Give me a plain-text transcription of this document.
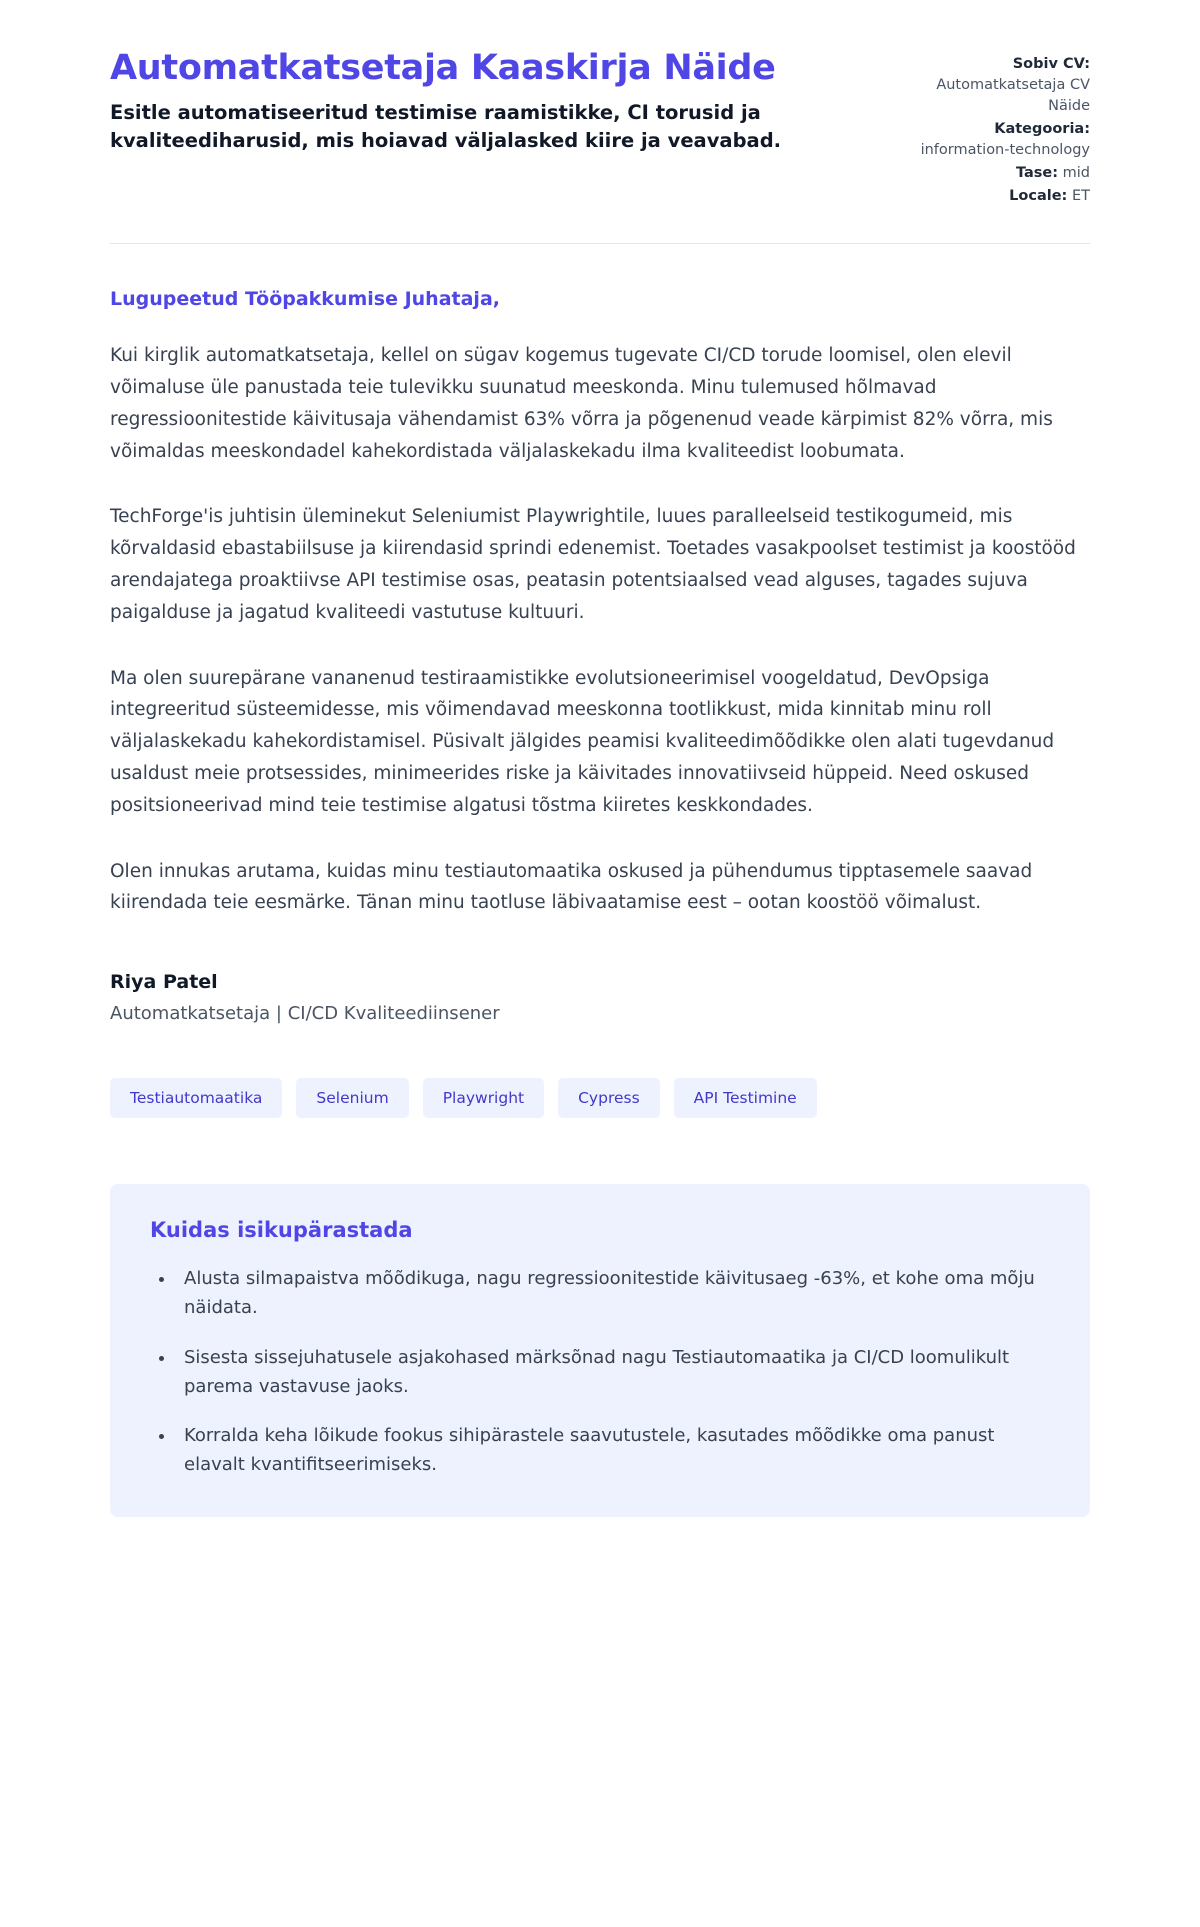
Automatkatsetaja Kaaskirja Näide

Esitle automatiseeritud testimise raamistikke, CI torusid ja kvaliteediharusid, mis hoiavad väljalasked kiire ja veavabad.

Sobiv CV:
Automatkatsetaja CV Näide
Kategooria:
information-technology
Tase: mid
Locale: ET

Lugupeetud Tööpakkumise Juhataja,

Kui kirglik automatkatsetaja, kellel on sügav kogemus tugevate CI/CD torude loomisel, olen elevil võimaluse üle panustada teie tulevikku suunatud meeskonda. Minu tulemused hõlmavad regressioonitestide käivitusaja vähendamist 63% võrra ja põgenenud veade kärpimist 82% võrra, mis võimaldas meeskondadel kahekordistada väljalaskekadu ilma kvaliteedist loobumata.

TechForge'is juhtisin üleminekut Seleniumist Playwrightile, luues paralleelseid testikogumeid, mis kõrvaldasid ebastabiilsuse ja kiirendasid sprindi edenemist. Toetades vasakpoolset testimist ja koostööd arendajatega proaktiivse API testimise osas, peatasin potentsiaalsed vead alguses, tagades sujuva paigalduse ja jagatud kvaliteedi vastutuse kultuuri.

Ma olen suurepärane vananenud testiraamistikke evolutsioneerimisel voogeldatud, DevOpsiga integreeritud süsteemidesse, mis võimendavad meeskonna tootlikkust, mida kinnitab minu roll väljalaskekadu kahekordistamisel. Püsivalt jälgides peamisi kvaliteedimõõdikke olen alati tugevdanud usaldust meie protsessides, minimeerides riske ja käivitades innovatiivseid hüppeid. Need oskused positsioneerivad mind teie testimise algatusi tõstma kiiretes keskkondades.

Olen innukas arutama, kuidas minu testiautomaatika oskused ja pühendumus tipptasemele saavad kiirendada teie eesmärke. Tänan minu taotluse läbivaatamise eest – ootan koostöö võimalust.

Riya Patel

Automatkatsetaja | CI/CD Kvaliteediinsener

Testiautomaatika	Selenium	Playwright	Cypress	API Testimine
Kuidas isikupärastada
• Alusta silmapaistva mõõdikuga, nagu regressioonitestide käivitusaeg -63%, et kohe oma mõju näidata.
• Sisesta sissejuhatusele asjakohased märksõnad nagu Testiautomaatika ja CI/CD loomulikult parema vastavuse jaoks.
• Korralda keha lõikude fookus sihipärastele saavutustele, kasutades mõõdikke oma panust elavalt kvantifitseerimiseks.
